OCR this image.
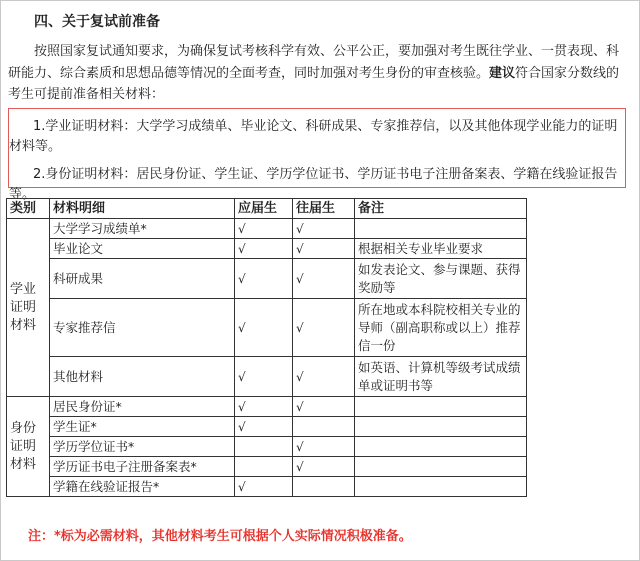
四、关于复试前准备
按照国家复试通知要求，为确保复试考核科学有效、公平公正，要加强对考生既往学业、一贯表现、科研能力、综合素质和思想品德等情况的全面考查，同时加强对考生身份的审查核验。建议符合国家分数线的考生可提前准备相关材料：
1.学业证明材料：大学学习成绩单、毕业论文、科研成果、专家推荐信，以及其他体现学业能力的证明材料等。
2.身份证明材料：居民身份证、学生证、学历学位证书、学历证书电子注册备案表、学籍在线验证报告等。
类别	材料明细	应届生	往届生	备注
学业证明材料	大学学习成绩单*	√	√	
	毕业论文	√	√	根据相关专业毕业要求
	科研成果	√	√	如发表论文、参与课题、获得奖励等
	专家推荐信	√	√	所在地或本科院校相关专业的导师（副高职称或以上）推荐信一份
	其他材料	√	√	如英语、计算机等级考试成绩单或证明书等
身份证明材料	居民身份证*	√	√	
	学生证*	√		
	学历学位证书*		√	
	学历证书电子注册备案表*		√	
	学籍在线验证报告*	√		
注：*标为必需材料，其他材料考生可根据个人实际情况积极准备。
